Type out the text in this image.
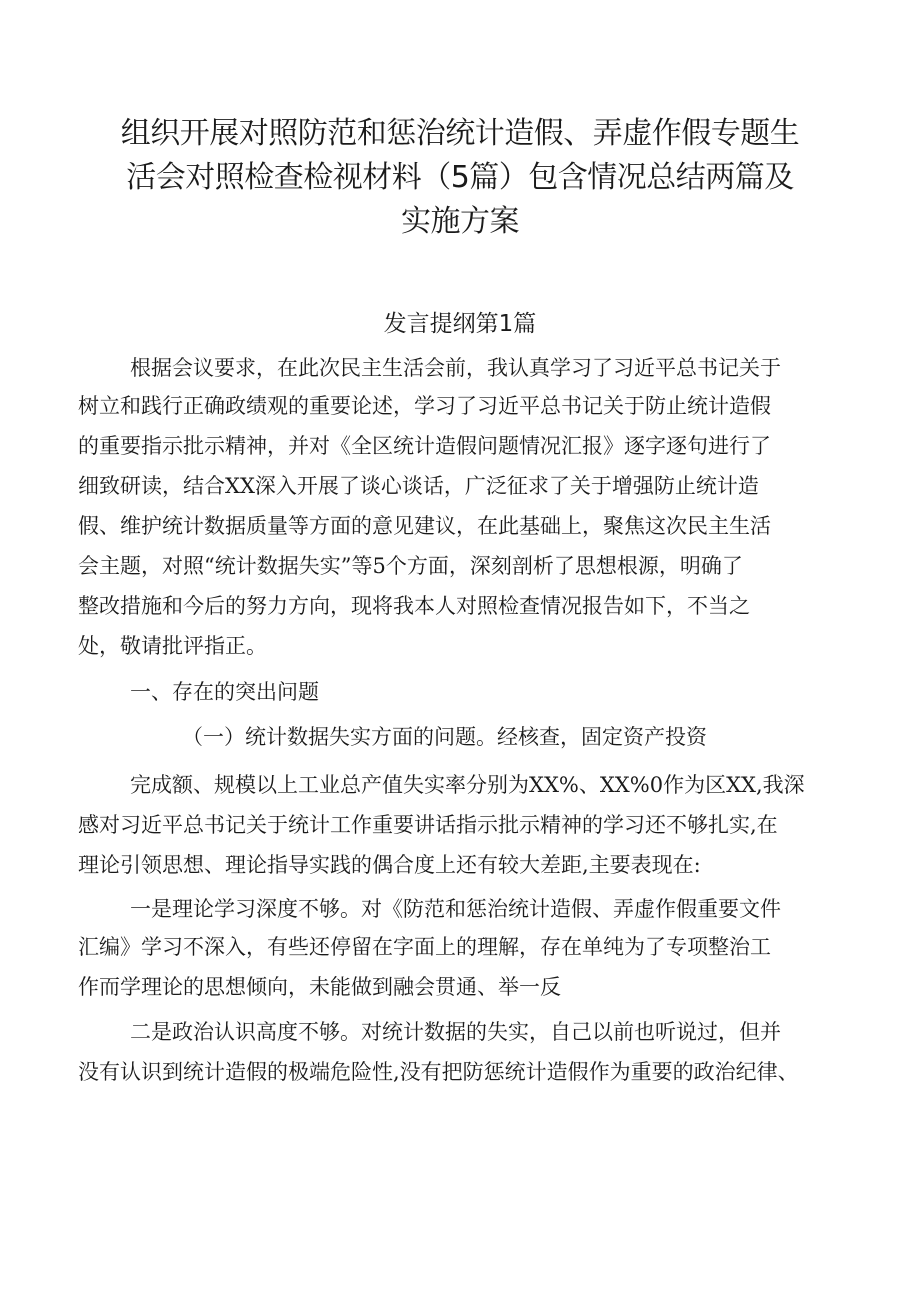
组织开展对照防范和惩治统计造假、弄虚作假专题生
活会对照检查检视材料（5篇）包含情况总结两篇及
实施方案
发言提纲第1篇
根据会议要求，在此次民主生活会前，我认真学习了习近平总书记关于
树立和践行正确政绩观的重要论述，学习了习近平总书记关于防止统计造假
的重要指示批示精神，并对《全区统计造假问题情况汇报》逐字逐句进行了
细致研读，结合XX深入开展了谈心谈话，广泛征求了关于增强防止统计造
假、维护统计数据质量等方面的意见建议，在此基础上，聚焦这次民主生活
会主题，对照“统计数据失实”等5个方面，深刻剖析了思想根源，明确了
整改措施和今后的努力方向，现将我本人对照检查情况报告如下，不当之
处，敬请批评指正。
一、存在的突出问题
（一）统计数据失实方面的问题。经核查，固定资产投资
完成额、规模以上工业总产值失实率分别为XX%、XX%0作为区XX,我深
感对习近平总书记关于统计工作重要讲话指示批示精神的学习还不够扎实,在
理论引领思想、理论指导实践的偶合度上还有较大差距,主要表现在:
一是理论学习深度不够。对《防范和惩治统计造假、弄虚作假重要文件
汇编》学习不深入，有些还停留在字面上的理解，存在单纯为了专项整治工
作而学理论的思想倾向，未能做到融会贯通、举一反
二是政治认识高度不够。对统计数据的失实，自己以前也听说过，但并
没有认识到统计造假的极端危险性,没有把防惩统计造假作为重要的政治纪律、
